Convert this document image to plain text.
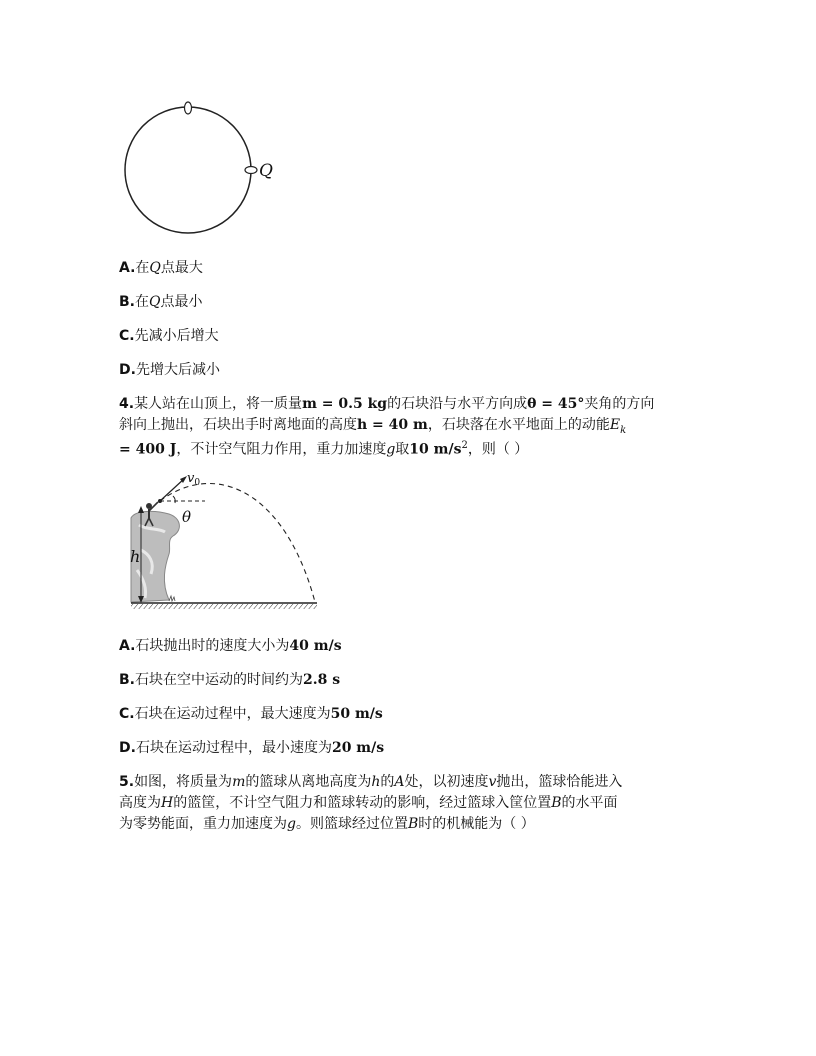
Q
A.在Q点最大
B.在Q点最小
C.先减小后增大
D.先增大后减小
4.某人站在山顶上，将一质量m = 0.5 kg的石块沿与水平方向成θ = 45°夹角的方向
斜向上抛出，石块出手时离地面的高度h = 40 m，石块落在水平地面上的动能$E_k$
= 400 J，不计空气阻力作用，重力加速度g取10 $m/s^2$，则（ ）
h
$v_0$
θ
A.石块抛出时的速度大小为40 m/s
B.石块在空中运动的时间约为2.8 s
C.石块在运动过程中，最大速度为50 m/s
D.石块在运动过程中，最小速度为20 m/s
5.如图，将质量为m的篮球从离地高度为h的A处，以初速度v抛出，篮球恰能进入
高度为H的篮筐，不计空气阻力和篮球转动的影响，经过篮球入筐位置B的水平面
为零势能面，重力加速度为g。则篮球经过位置B时的机械能为（ ）
